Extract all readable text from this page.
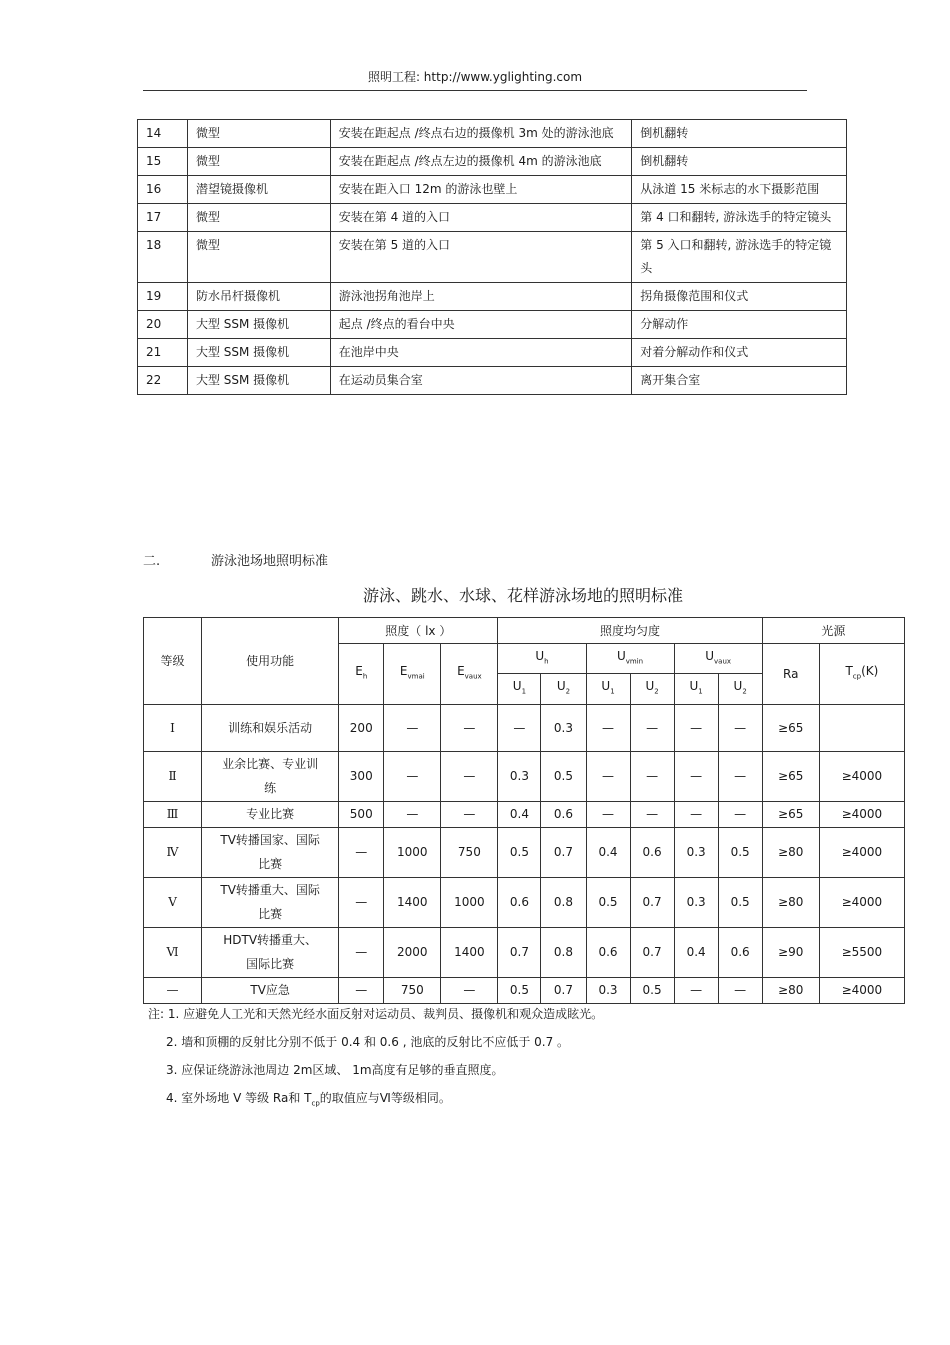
照明工程: http://www.yglighting.com
14	微型	安装在距起点 /终点右边的摄像机 3m 处的游泳池底	倒机翻转
15	微型	安装在距起点 /终点左边的摄像机 4m 的游泳池底	倒机翻转
16	潜望镜摄像机	安装在距入口 12m 的游泳也壁上	从泳道 15 米标志的水下摄影范围
17	微型	安装在第 4 道的入口	第 4 口和翻转, 游泳选手的特定镜头
18	微型	安装在第 5 道的入口	第 5 入口和翻转, 游泳选手的特定镜头
19	防水吊杆摄像机	游泳池拐角池岸上	拐角摄像范围和仪式
20	大型 SSM 摄像机	起点 /终点的看台中央	分解动作
21	大型 SSM 摄像机	在池岸中央	对着分解动作和仪式
22	大型 SSM 摄像机	在运动员集合室	离开集合室
二.	游泳池场地照明标准
游泳、跳水、水球、花样游泳场地的照明标准
等级	使用功能	照度（ lx ）			照度均匀度						光源	
		$E_h$	$E_{vmai}$	$E_{vaux}$	$U_h$		$U_{vmin}$		$U_{vaux}$		Ra	$T_{cp}(K)$
					$U_1$	$U_2$	$U_1$	$U_2$	$U_1$	$U_2$
Ⅰ	训练和娱乐活动	200	—	—	—	0.3	—	—	—	—	≥65	
Ⅱ	业余比赛、专业训练	300	—	—	0.3	0.5	—	—	—	—	≥65	≥4000
Ⅲ	专业比赛	500	—	—	0.4	0.6	—	—	—	—	≥65	≥4000
Ⅳ	TV转播国家、国际比赛	—	1000	750	0.5	0.7	0.4	0.6	0.3	0.5	≥80	≥4000
Ⅴ	TV转播重大、国际比赛	—	1400	1000	0.6	0.8	0.5	0.7	0.3	0.5	≥80	≥4000
Ⅵ	HDTV转播重大、国际比赛	—	2000	1400	0.7	0.8	0.6	0.7	0.4	0.6	≥90	≥5500
—	TV应急	—	750	—	0.5	0.7	0.3	0.5	—	—	≥80	≥4000
注: 1. 应避免人工光和天然光经水面反射对运动员、裁判员、摄像机和观众造成眩光。
2. 墙和顶棚的反射比分别不低于 0.4 和 0.6 , 池底的反射比不应低于 0.7 。
3. 应保证绕游泳池周边 2m区域、 1m高度有足够的垂直照度。
4. 室外场地 V 等级 Ra和 $T_{cp}$的取值应与Ⅵ等级相同。
